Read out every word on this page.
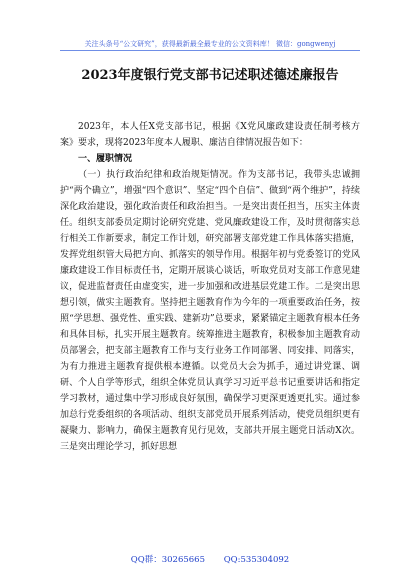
关注头条号“公文研究”，获得最新最全最专业的公文资料库！ 微信：gongwenyj
2023年度银行党支部书记述职述德述廉报告

2023年，本人任X党支部书记，根据《X党风廉政建设责任制考核方案》要求，现将2023年度本人履职、廉洁自律情况报告如下：

一、履职情况

（一）执行政治纪律和政治规矩情况。作为支部书记，我带头忠诚拥护“两个确立”，增强“四个意识”、坚定“四个自信”、做到“两个维护”，持续深化政治建设，强化政治责任和政治担当。一是突出责任担当，压实主体责任。组织支部委员定期讨论研究党建、党风廉政建设工作，及时贯彻落实总行相关工作新要求，制定工作计划，研究部署支部党建工作具体落实措施，发挥党组织管大局把方向、抓落实的领导作用。根据年初与党委签订的党风廉政建设工作目标责任书，定期开展谈心谈话，听取党员对支部工作意见建议，促进监督责任由虚变实，进一步加强和改进基层党建工作。二是突出思想引领，做实主题教育。坚持把主题教育作为今年的一项重要政治任务，按照“学思想、强党性、重实践、建新功”总要求，紧紧锚定主题教育根本任务和具体目标，扎实开展主题教育。统筹推进主题教育，积极参加主题教育动员部署会，把支部主题教育工作与支行业务工作同部署、同安排、同落实，为有力推进主题教育提供根本遵循。以党员大会为抓手，通过讲党课、调研、个人自学等形式，组织全体党员认真学习习近平总书记重要讲话和指定学习教材，通过集中学习形成良好氛围，确保学习更深更透更扎实。通过参加总行党委组织的各项活动、组织支部党员开展系列活动，使党员组织更有凝聚力、影响力，确保主题教育见行见效，支部共开展主题党日活动X次。三是突出理论学习，抓好思想

QQ群：30265665 QQ:535304092
